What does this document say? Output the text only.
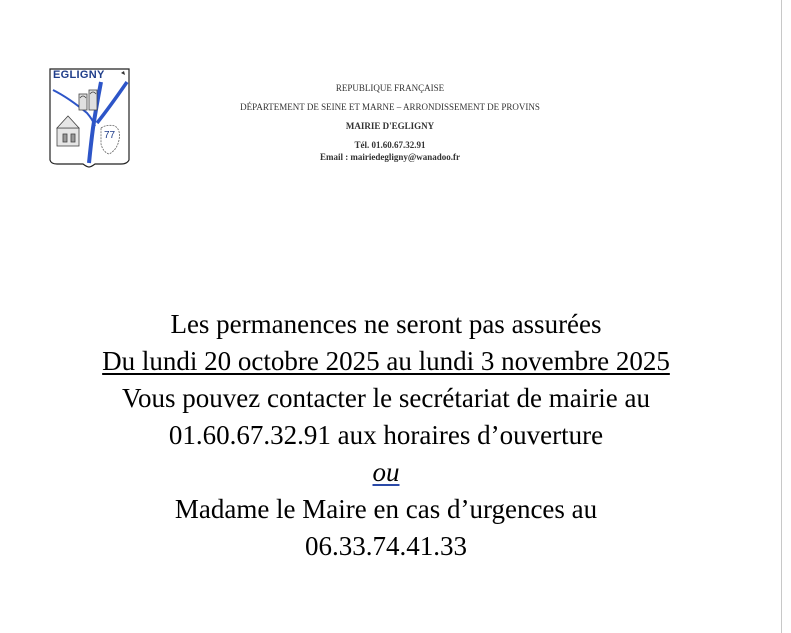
EGLIGNY
77
REPUBLIQUE FRANÇAISE
DÉPARTEMENT DE SEINE ET MARNE – ARRONDISSEMENT DE PROVINS
MAIRIE D'EGLIGNY
Tél. 01.60.67.32.91
Email : mairiedegligny@wanadoo.fr
Les permanences ne seront pas assurées
Du lundi 20 octobre 2025 au lundi 3 novembre 2025
Vous pouvez contacter le secrétariat de mairie au
01.60.67.32.91 aux horaires d’ouverture
ou
Madame le Maire en cas d’urgences au
06.33.74.41.33
